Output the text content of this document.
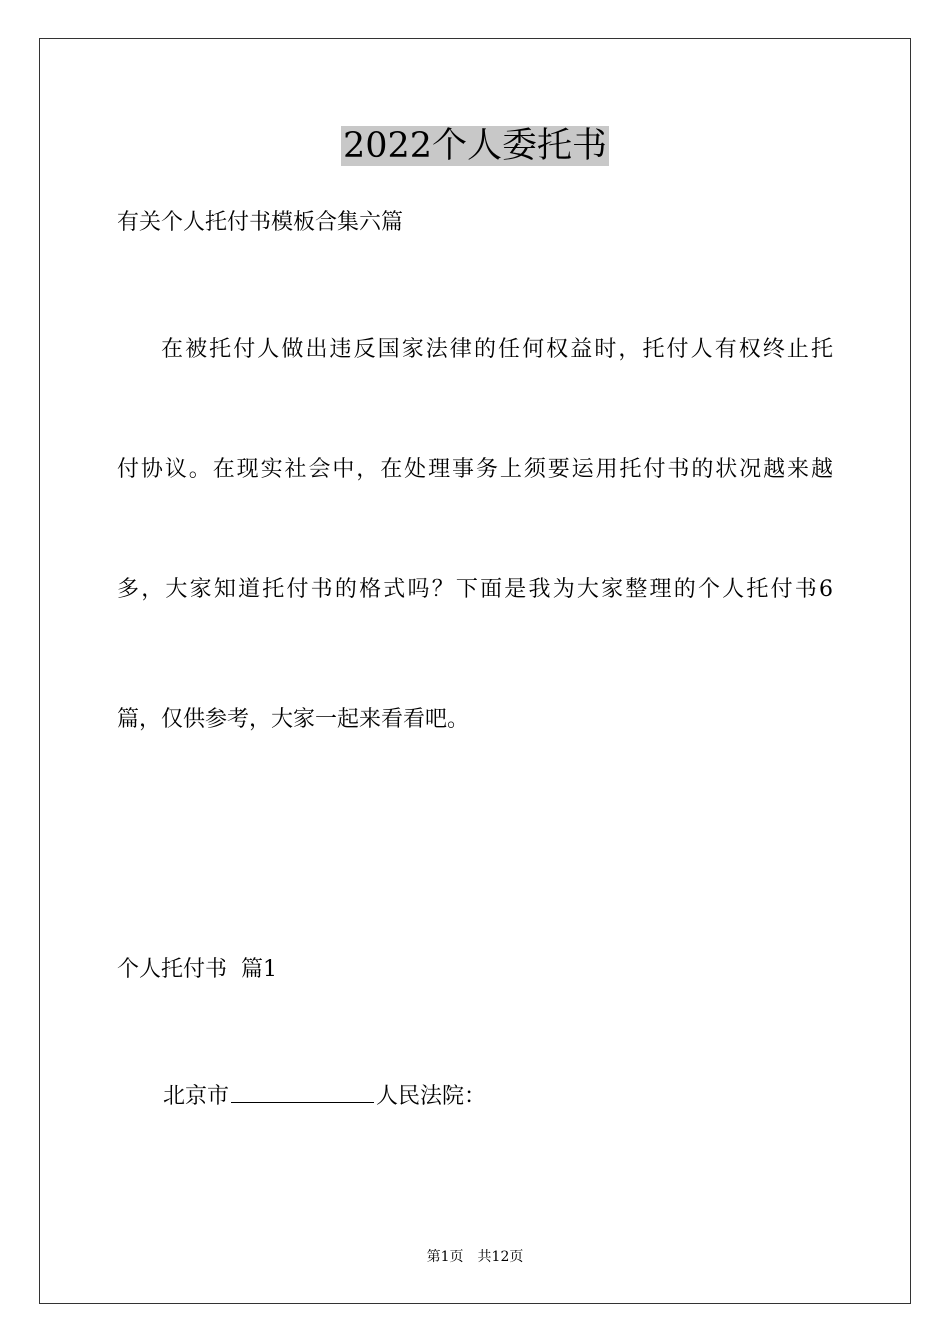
2022个人委托书

有关个人托付书模板合集六篇

在被托付人做出违反国家法律的任何权益时，托付人有权终止托

付协议。在现实社会中，在处理事务上须要运用托付书的状况越来越

多，大家知道托付书的格式吗？下面是我为大家整理的个人托付书6

篇，仅供参考，大家一起来看看吧。

个人托付书  篇1

北京市	人民法院：

第1页 共12页
